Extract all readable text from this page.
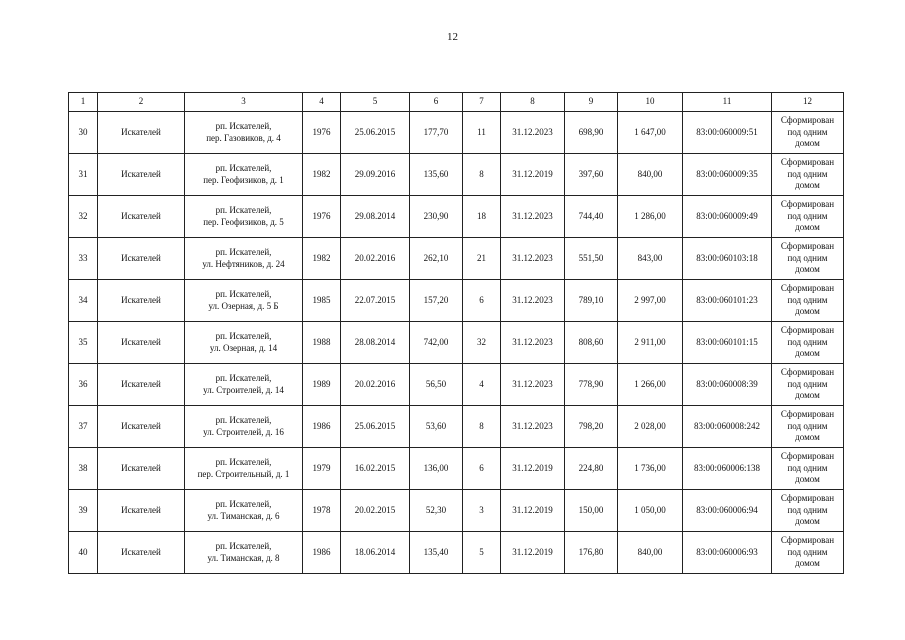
12
1	2	3	4	5	6	7	8	9	10	11	12
30	Искателей	рп. Искателей,
пер. Газовиков, д. 4	1976	25.06.2015	177,70	11	31.12.2023	698,90	1 647,00	83:00:060009:51	Сформирован
под одним
домом

31	Искателей	рп. Искателей,
пер. Геофизиков, д. 1	1982	29.09.2016	135,60	8	31.12.2019	397,60	840,00	83:00:060009:35	Сформирован
под одним
домом

32	Искателей	рп. Искателей,
пер. Геофизиков, д. 5	1976	29.08.2014	230,90	18	31.12.2023	744,40	1 286,00	83:00:060009:49	Сформирован
под одним
домом

33	Искателей	рп. Искателей,
ул. Нефтяников, д. 24	1982	20.02.2016	262,10	21	31.12.2023	551,50	843,00	83:00:060103:18	Сформирован
под одним
домом

34	Искателей	рп. Искателей,
ул. Озерная, д. 5 Б	1985	22.07.2015	157,20	6	31.12.2023	789,10	2 997,00	83:00:060101:23	Сформирован
под одним
домом

35	Искателей	рп. Искателей,
ул. Озерная, д. 14	1988	28.08.2014	742,00	32	31.12.2023	808,60	2 911,00	83:00:060101:15	Сформирован
под одним
домом

36	Искателей	рп. Искателей,
ул. Строителей, д. 14	1989	20.02.2016	56,50	4	31.12.2023	778,90	1 266,00	83:00:060008:39	Сформирован
под одним
домом

37	Искателей	рп. Искателей,
ул. Строителей, д. 16	1986	25.06.2015	53,60	8	31.12.2023	798,20	2 028,00	83:00:060008:242	Сформирован
под одним
домом

38	Искателей	рп. Искателей,
пер. Строительный, д. 1	1979	16.02.2015	136,00	6	31.12.2019	224,80	1 736,00	83:00:060006:138	Сформирован
под одним
домом

39	Искателей	рп. Искателей,
ул. Тиманская, д. 6	1978	20.02.2015	52,30	3	31.12.2019	150,00	1 050,00	83:00:060006:94	Сформирован
под одним
домом

40	Искателей	рп. Искателей,
ул. Тиманская, д. 8	1986	18.06.2014	135,40	5	31.12.2019	176,80	840,00	83:00:060006:93	Сформирован
под одним
домом
